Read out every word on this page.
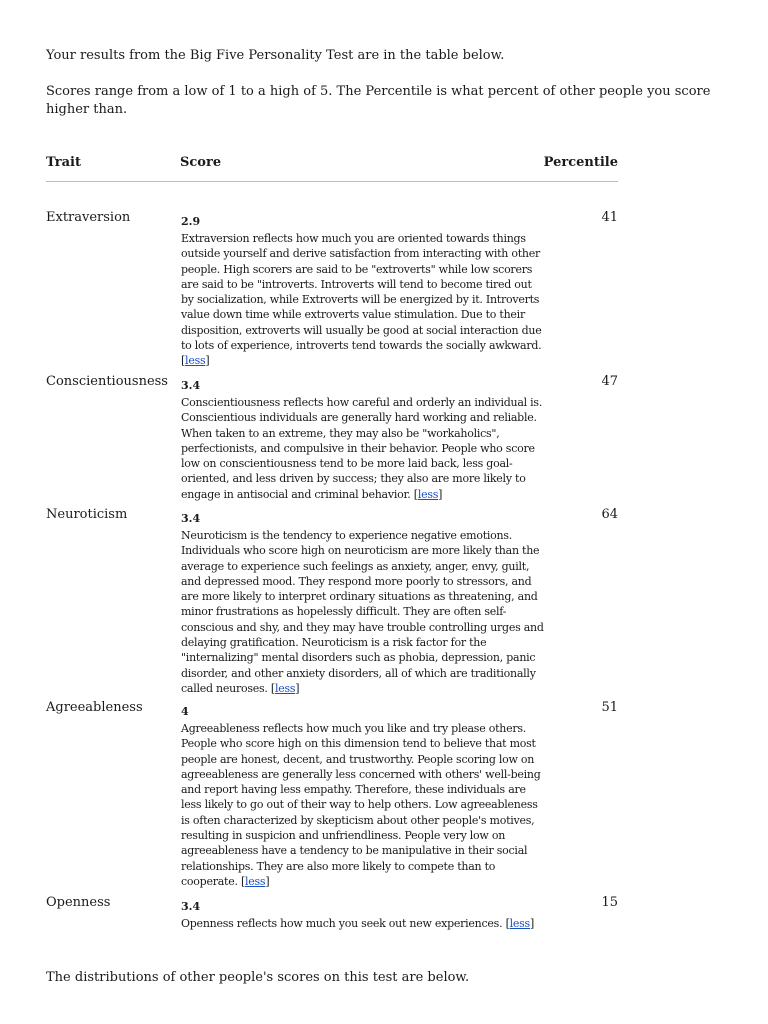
Your results from the Big Five Personality Test are in the table below.

Scores range from a low of 1 to a high of 5. The Percentile is what percent of other people you score higher than.

Trait	Score	Percentile
Extraversion	2.9	41

Extraversion reflects how much you are oriented towards things outside yourself and derive satisfaction from interacting with other people. High scorers are said to be "extroverts" while low scorers are said to be "introverts. Introverts will tend to become tired out by socialization, while Extroverts will be energized by it. Introverts value down time while extroverts value stimulation. Due to their disposition, extroverts will usually be good at social interaction due to lots of experience, introverts tend towards the socially awkward. [less]

Conscientiousness 3.4	47

Conscientiousness reflects how careful and orderly an individual is. Conscientious individuals are generally hard working and reliable. When taken to an extreme, they may also be "workaholics", perfectionists, and compulsive in their behavior. People who score low on conscientiousness tend to be more laid back, less goal-oriented, and less driven by success; they also are more likely to engage in antisocial and criminal behavior. [less]

Neuroticism	3.4	64

Neuroticism is the tendency to experience negative emotions. Individuals who score high on neuroticism are more likely than the average to experience such feelings as anxiety, anger, envy, guilt, and depressed mood. They respond more poorly to stressors, and are more likely to interpret ordinary situations as threatening, and minor frustrations as hopelessly difficult. They are often self-conscious and shy, and they may have trouble controlling urges and delaying gratification. Neuroticism is a risk factor for the "internalizing" mental disorders such as phobia, depression, panic disorder, and other anxiety disorders, all of which are traditionally called neuroses. [less]

Agreeableness	4	51

Agreeableness reflects how much you like and try please others. People who score high on this dimension tend to believe that most people are honest, decent, and trustworthy. People scoring low on agreeableness are generally less concerned with others' well-being and report having less empathy. Therefore, these individuals are less likely to go out of their way to help others. Low agreeableness is often characterized by skepticism about other people's motives, resulting in suspicion and unfriendliness. People very low on agreeableness have a tendency to be manipulative in their social relationships. They are also more likely to compete than to cooperate. [less]

Openness	3.4	15

Openness reflects how much you seek out new experiences. [less]

The distributions of other people's scores on this test are below.
